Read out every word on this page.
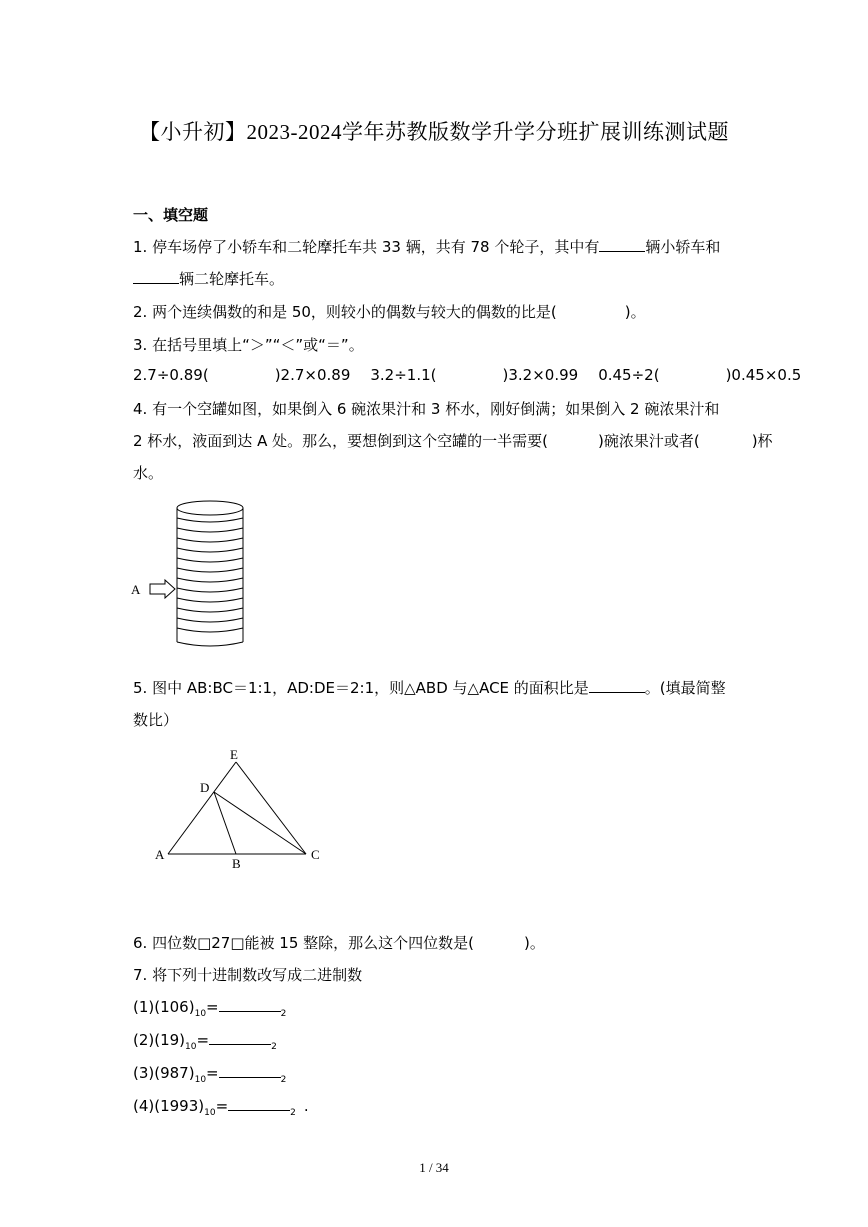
【小升初】2023-2024学年苏教版数学升学分班扩展训练测试题
一、填空题
1. 停车场停了小轿车和二轮摩托车共 33 辆，共有 78 个轮子，其中有	辆小轿车和
辆二轮摩托车。
2. 两个连续偶数的和是 50，则较小的偶数与较大的偶数的比是(	)。
3. 在括号里填上“＞”“＜”或“＝”。
2.7÷0.89(	)2.7×0.89 3.2÷1.1(	)3.2×0.99 0.45÷2(	)0.45×0.5
4. 有一个空罐如图，如果倒入 6 碗浓果汁和 3 杯水，刚好倒满；如果倒入 2 碗浓果汁和
2 杯水，液面到达 A 处。那么，要想倒到这个空罐的一半需要(	)碗浓果汁或者(	)杯
水。
A
5. 图中 AB:BC＝1:1，AD:DE＝2:1，则△ABD 与△ACE 的面积比是	。(填最简整
数比）
A
B
C
D
E
6. 四位数□27□能被 15 整除，那么这个四位数是(	)。
7. 将下列十进制数改写成二进制数
$(1)(106)_{10}=$	$_2$
$(2)(19)_{10}=$	$_2$
$(3)(987)_{10}=$	$_2$
$(4)(1993)_{10}=$	$_2$ .
1 / 34
